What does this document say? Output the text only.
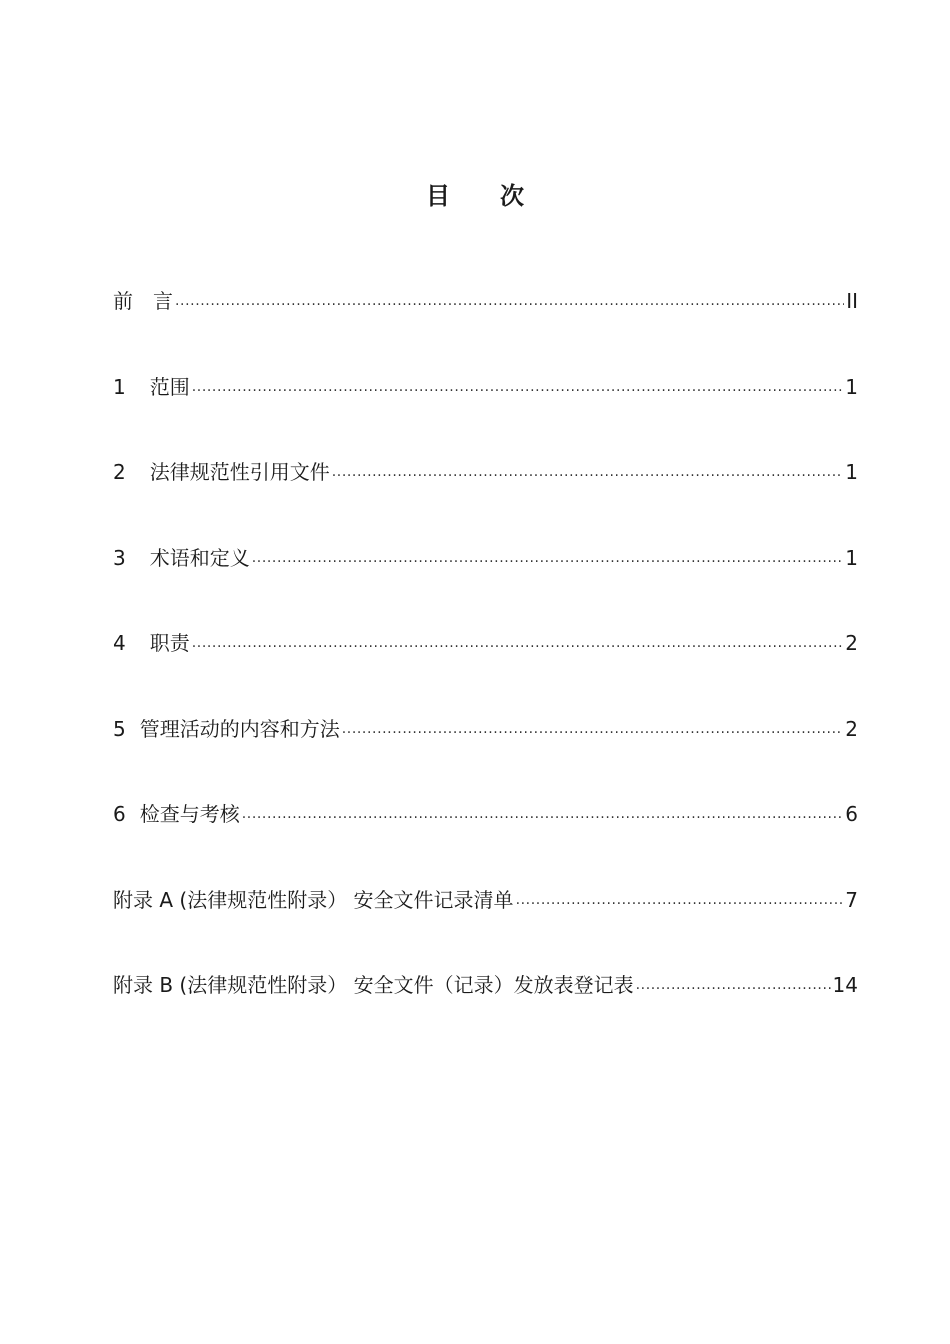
目 次
前　言 .....	II
1 范围 .....	1
2 法律规范性引用文件 .....	1
3 术语和定义 .....	1
4 职责 .....	2
5 管理活动的内容和方法 .....	2
6 检查与考核 .....	6
附录 A (法律规范性附录） 安全文件记录清单 .....	7
附录 B (法律规范性附录） 安全文件（记录）发放表登记表 .....	14
